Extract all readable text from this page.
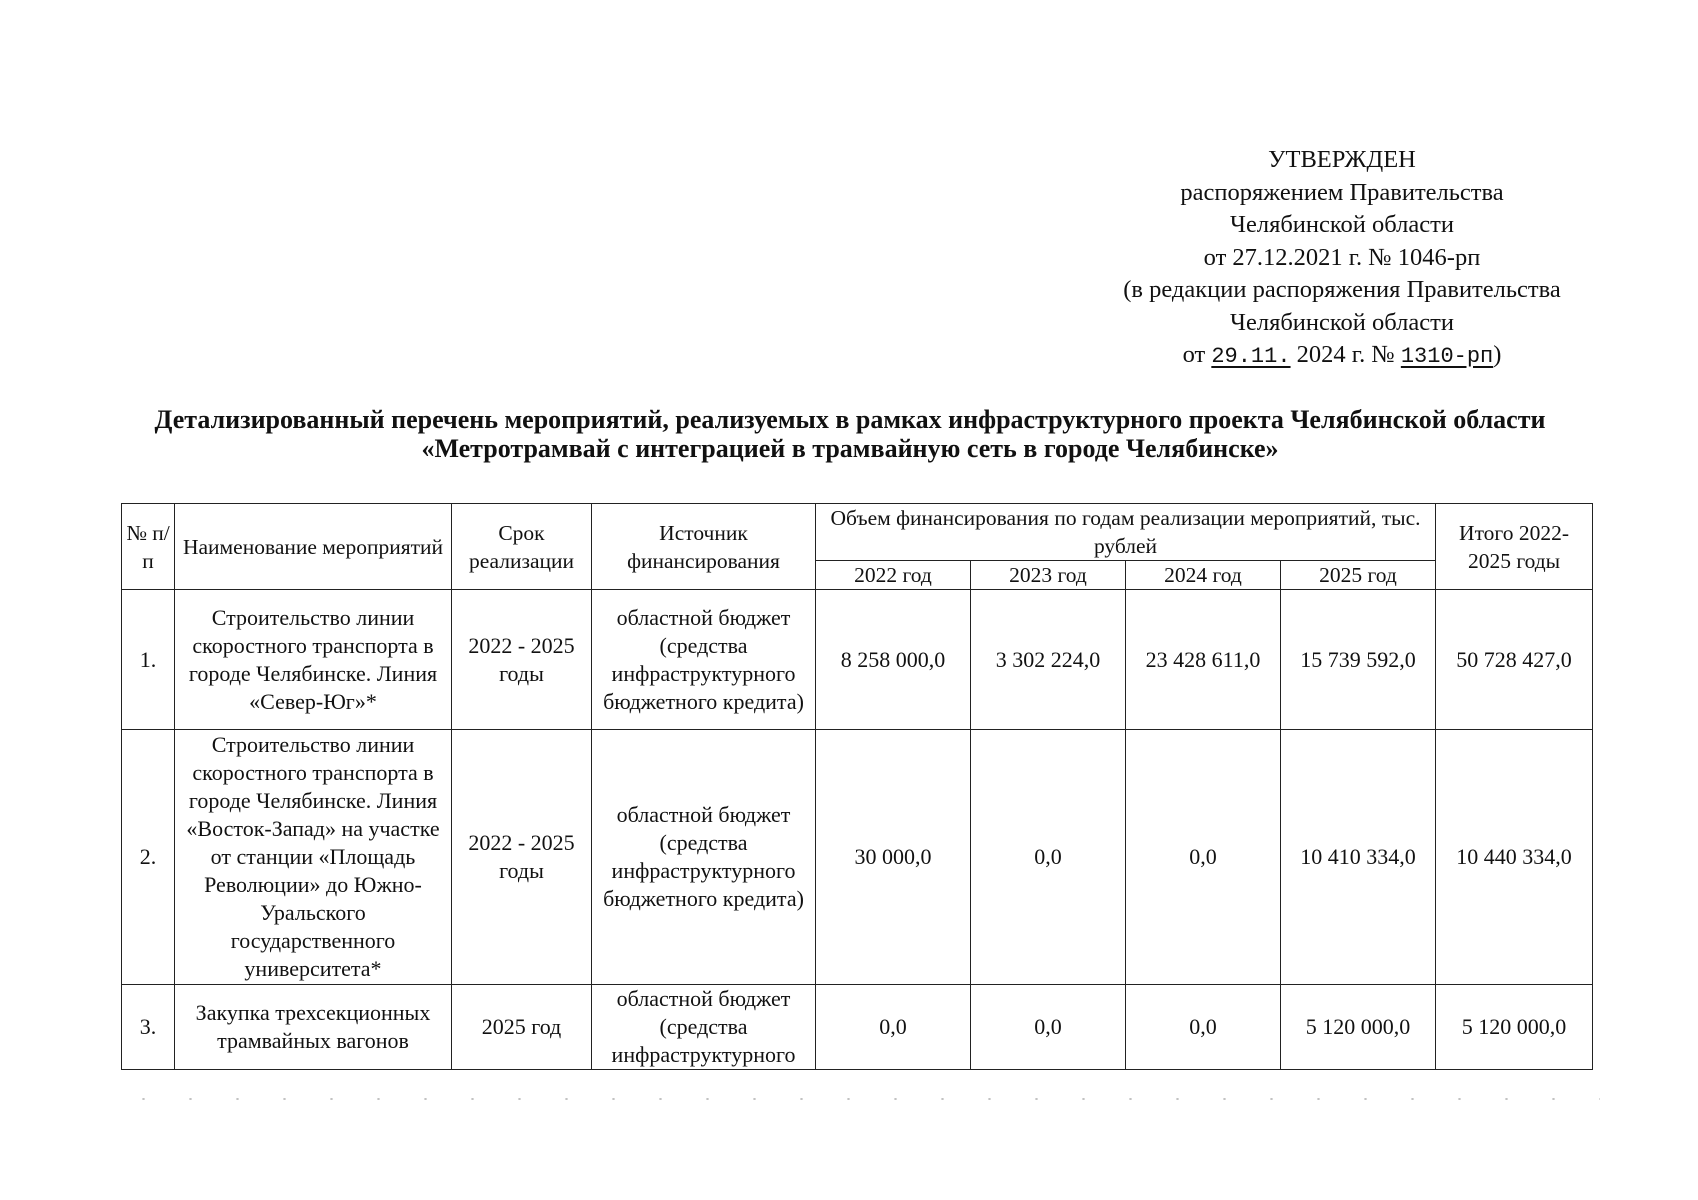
УТВЕРЖДЕН
распоряжением Правительства
Челябинской области
от 27.12.2021 г. № 1046-рп
(в редакции распоряжения Правительства
Челябинской области
от 29.11. 2024 г. № 1310-рп)
Детализированный перечень мероприятий, реализуемых в рамках инфраструктурного проекта Челябинской области
«Метротрамвай с интеграцией в трамвайную сеть в городе Челябинске»
№ п/п	Наименование мероприятий	Срок реализации	Источник финансирования	Объем финансирования по годам реализации мероприятий, тыс. рублей				Итого 2022-2025 годы
				2022 год	2023 год	2024 год	2025 год	
1.	Строительство линии скоростного транспорта в городе Челябинске. Линия «Север-Юг»*	2022 - 2025 годы	областной бюджет (средства инфраструктурного бюджетного кредита)	8 258 000,0	3 302 224,0	23 428 611,0	15 739 592,0	50 728 427,0
2.	Строительство линии скоростного транспорта в городе Челябинске. Линия «Восток-Запад» на участке от станции «Площадь Революции» до Южно-Уральского государственного университета*	2022 - 2025 годы	областной бюджет (средства инфраструктурного бюджетного кредита)	30 000,0	0,0	0,0	10 410 334,0	10 440 334,0
3.	Закупка трехсекционных трамвайных вагонов	2025 год	областной бюджет (средства инфраструктурного	0,0	0,0	0,0	5 120 000,0	5 120 000,0
